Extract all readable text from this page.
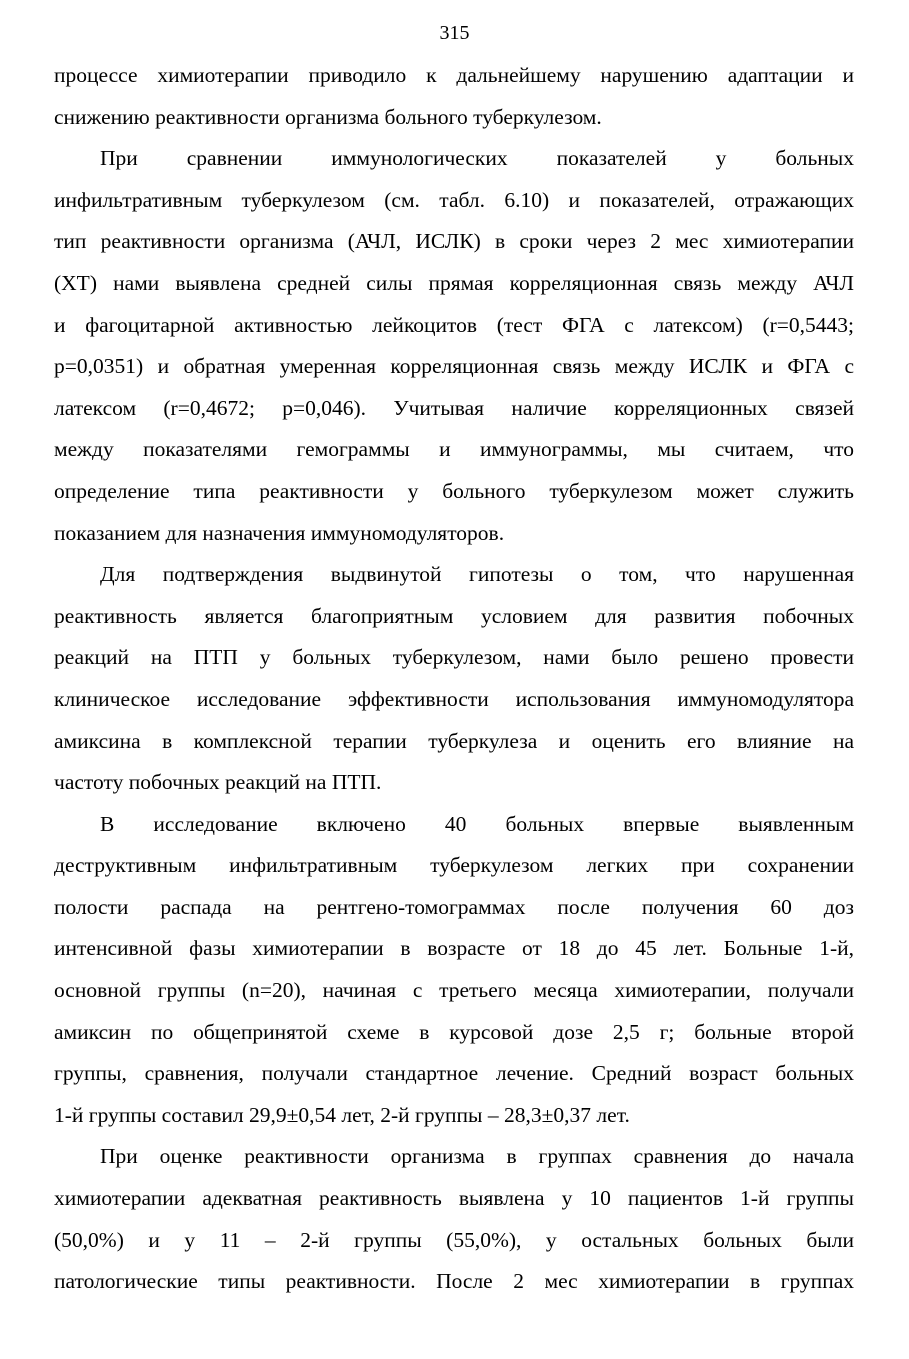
315
процессе химиотерапии приводило к дальнейшему нарушению адаптации и
снижению реактивности организма больного туберкулезом.
При сравнении иммунологических показателей у больных
инфильтративным туберкулезом (см. табл. 6.10) и показателей, отражающих
тип реактивности организма (АЧЛ, ИСЛК) в сроки через 2 мес химиотерапии
(ХТ) нами выявлена средней силы прямая корреляционная связь между АЧЛ
и фагоцитарной активностью лейкоцитов (тест ФГА с латексом) (r=0,5443;
p=0,0351) и обратная умеренная корреляционная связь между ИСЛК и ФГА с
латексом (r=0,4672; p=0,046). Учитывая наличие корреляционных связей
между показателями гемограммы и иммунограммы, мы считаем, что
определение типа реактивности у больного туберкулезом может служить
показанием для назначения иммуномодуляторов.
Для подтверждения выдвинутой гипотезы о том, что нарушенная
реактивность является благоприятным условием для развития побочных
реакций на ПТП у больных туберкулезом, нами было решено провести
клиническое исследование эффективности использования иммуномодулятора
амиксина в комплексной терапии туберкулеза и оценить его влияние на
частоту побочных реакций на ПТП.
В исследование включено 40 больных впервые выявленным
деструктивным инфильтративным туберкулезом легких при сохранении
полости распада на рентгено-томограммах после получения 60 доз
интенсивной фазы химиотерапии в возрасте от 18 до 45 лет. Больные 1-й,
основной группы (n=20), начиная с третьего месяца химиотерапии, получали
амиксин по общепринятой схеме в курсовой дозе 2,5 г; больные второй
группы, сравнения, получали стандартное лечение. Средний возраст больных
1-й группы составил 29,9±0,54 лет, 2-й группы – 28,3±0,37 лет.
При оценке реактивности организма в группах сравнения до начала
химиотерапии адекватная реактивность выявлена у 10 пациентов 1-й группы
(50,0%) и у 11 – 2-й группы (55,0%), у остальных больных были
патологические типы реактивности. После 2 мес химиотерапии в группах
